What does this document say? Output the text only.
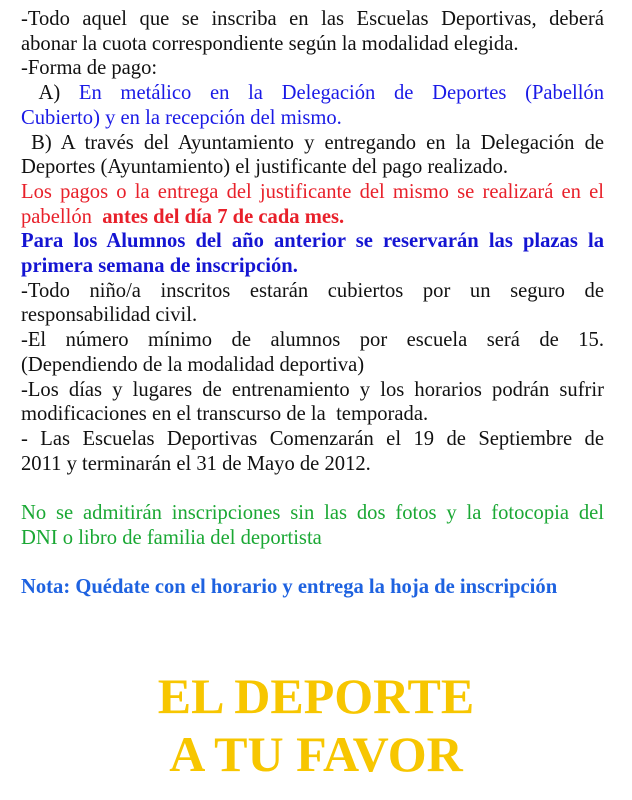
-Todo aquel que se inscriba en las Escuelas Deportivas, deberá
abonar la cuota correspondiente según la modalidad elegida.
-Forma de pago:
A) En metálico en la Delegación de Deportes (Pabellón
Cubierto) y en la recepción del mismo.
B) A través del Ayuntamiento y entregando en la Delegación de
Deportes (Ayuntamiento) el justificante del pago realizado.
Los pagos o la entrega del justificante del mismo se realizará en el
pabellón  antes del día 7 de cada mes.
Para los Alumnos del año anterior se reservarán las plazas la
primera semana de inscripción.
-Todo niño/a inscritos estarán cubiertos por un seguro de
responsabilidad civil.
-El número mínimo de alumnos por escuela será de 15.
(Dependiendo de la modalidad deportiva)
-Los días y lugares de entrenamiento y los horarios podrán sufrir
modificaciones en el transcurso de la  temporada.
- Las Escuelas Deportivas Comenzarán el 19 de Septiembre de
2011 y terminarán el 31 de Mayo de 2012.
No se admitirán inscripciones sin las dos fotos y la fotocopia del
DNI o libro de familia del deportista
Nota: Quédate con el horario y entrega la hoja de inscripción
EL DEPORTE
A TU FAVOR
